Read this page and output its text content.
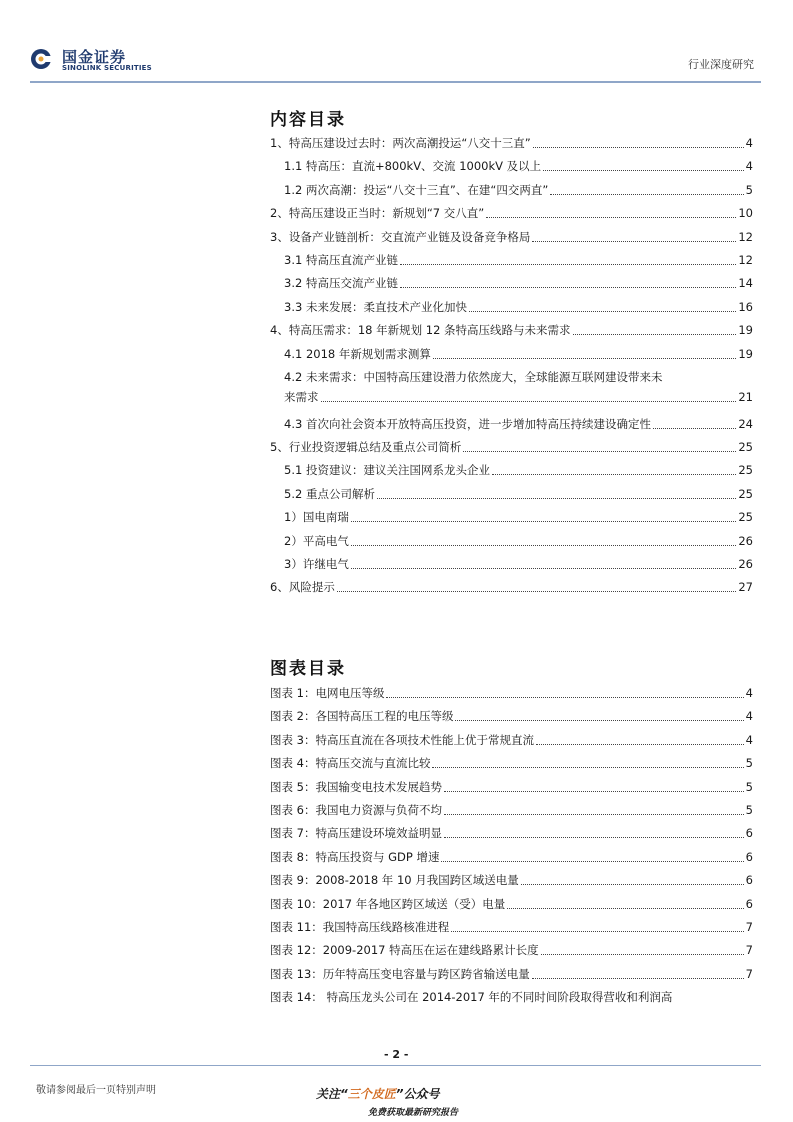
国金证券
SINOLINK SECURITIES	行业深度研究
内容目录
1、特高压建设过去时：两次高潮投运“八交十三直”	4
1.1 特高压：直流+800kV、交流 1000kV 及以上	4
1.2 两次高潮：投运“八交十三直”、在建“四交两直”	5
2、特高压建设正当时：新规划“7 交八直”	10
3、设备产业链剖析：交直流产业链及设备竞争格局	12
3.1 特高压直流产业链	12
3.2 特高压交流产业链	14
3.3 未来发展：柔直技术产业化加快	16
4、特高压需求：18 年新规划 12 条特高压线路与未来需求	19
4.1 2018 年新规划需求测算	19
4.2 未来需求：中国特高压建设潜力依然庞大，全球能源互联网建设带来未
来需求	21
4.3 首次向社会资本开放特高压投资，进一步增加特高压持续建设确定性	24
5、行业投资逻辑总结及重点公司简析	25
5.1 投资建议：建议关注国网系龙头企业	25
5.2 重点公司解析	25
1）国电南瑞	25
2）平高电气	26
3）许继电气	26
6、风险提示	27
图表目录
图表 1：电网电压等级	4
图表 2：各国特高压工程的电压等级	4
图表 3：特高压直流在各项技术性能上优于常规直流	4
图表 4：特高压交流与直流比较	5
图表 5：我国输变电技术发展趋势	5
图表 6：我国电力资源与负荷不均	5
图表 7：特高压建设环境效益明显	6
图表 8：特高压投资与 GDP 增速	6
图表 9：2008-2018 年 10 月我国跨区域送电量	6
图表 10：2017 年各地区跨区域送（受）电量	6
图表 11：我国特高压线路核准进程	7
图表 12：2009-2017 特高压在运在建线路累计长度	7
图表 13：历年特高压变电容量与跨区跨省输送电量	7
图表 14： 特高压龙头公司在 2014-2017 年的不同时间阶段取得营收和利润高
- 2 -
敬请参阅最后一页特别声明	关注“三个皮匠”公众号
免费获取最新研究报告
